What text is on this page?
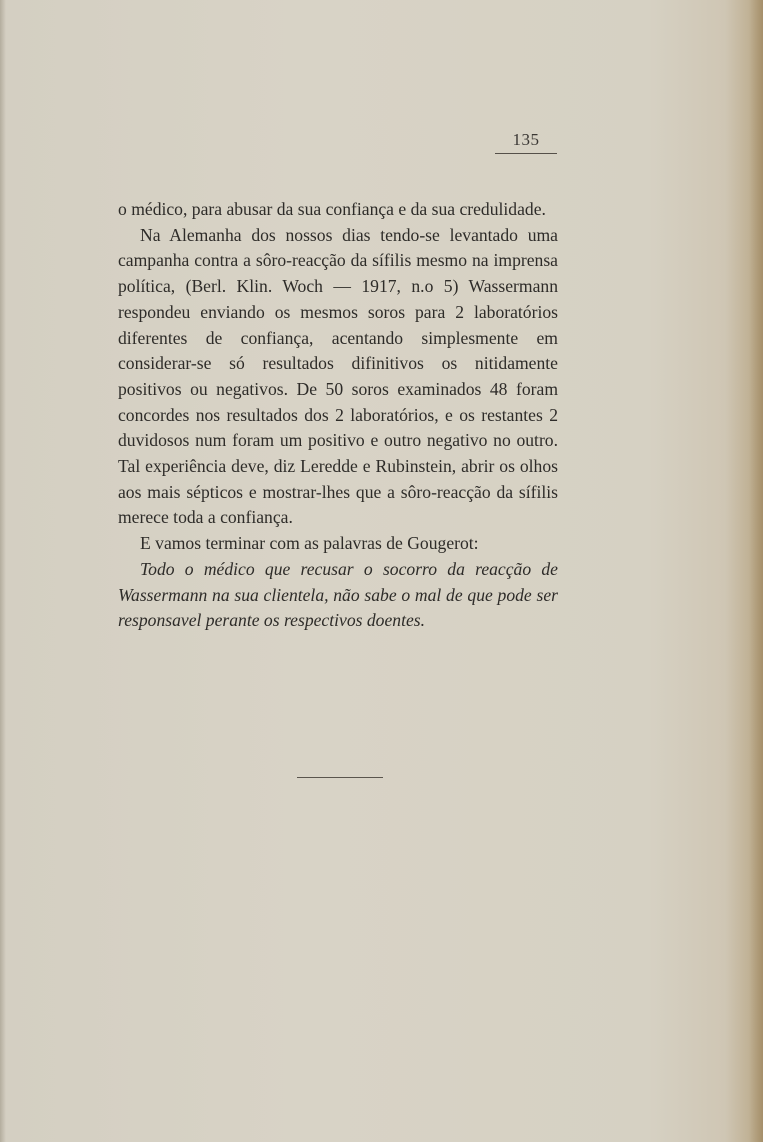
135

o médico, para abusar da sua confiança e da sua credulidade.

Na Alemanha dos nossos dias tendo-se levantado uma campanha contra a sôro-reacção da sífilis mesmo na imprensa política, (Berl. Klin. Woch — 1917, n.o 5) Wassermann respondeu enviando os mesmos soros para 2 laboratórios diferentes de confiança, acentando simplesmente em considerar-se só resultados difinitivos os nitidamente positivos ou negativos. De 50 soros examinados 48 foram concordes nos resultados dos 2 laboratórios, e os restantes 2 duvidosos num foram um positivo e outro negativo no outro. Tal experiência deve, diz Leredde e Rubinstein, abrir os olhos aos mais sépticos e mostrar-lhes que a sôro-reacção da sífilis merece toda a confiança.

E vamos terminar com as palavras de Gougerot:

Todo o médico que recusar o socorro da reacção de Wassermann na sua clientela, não sabe o mal de que pode ser responsavel perante os respectivos doentes.
